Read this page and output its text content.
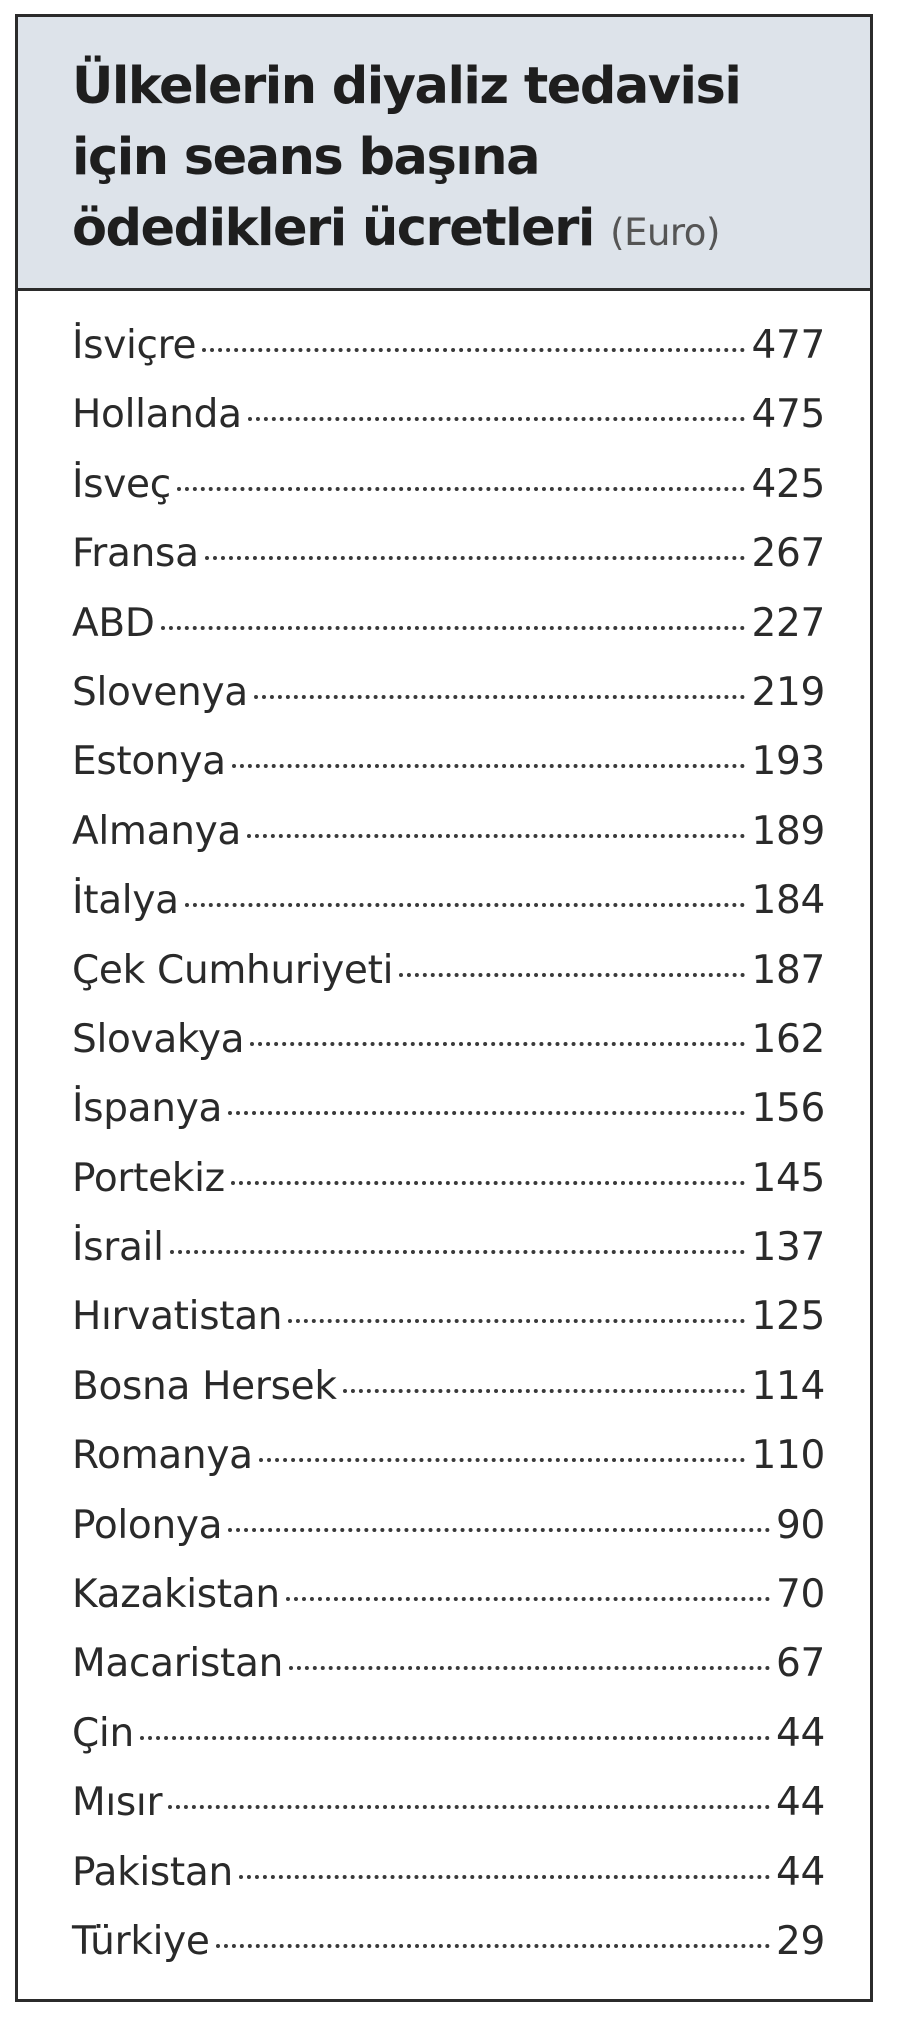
Ülkelerin diyaliz tedavisi
için seans başına
ödedikleri ücretleri (Euro)
İsviçre	477
Hollanda	475
İsveç	425
Fransa	267
ABD	227
Slovenya	219
Estonya	193
Almanya	189
İtalya	184
Çek Cumhuriyeti	187
Slovakya	162
İspanya	156
Portekiz	145
İsrail	137
Hırvatistan	125
Bosna Hersek	114
Romanya	110
Polonya	90
Kazakistan	70
Macaristan	67
Çin	44
Mısır	44
Pakistan	44
Türkiye	29
